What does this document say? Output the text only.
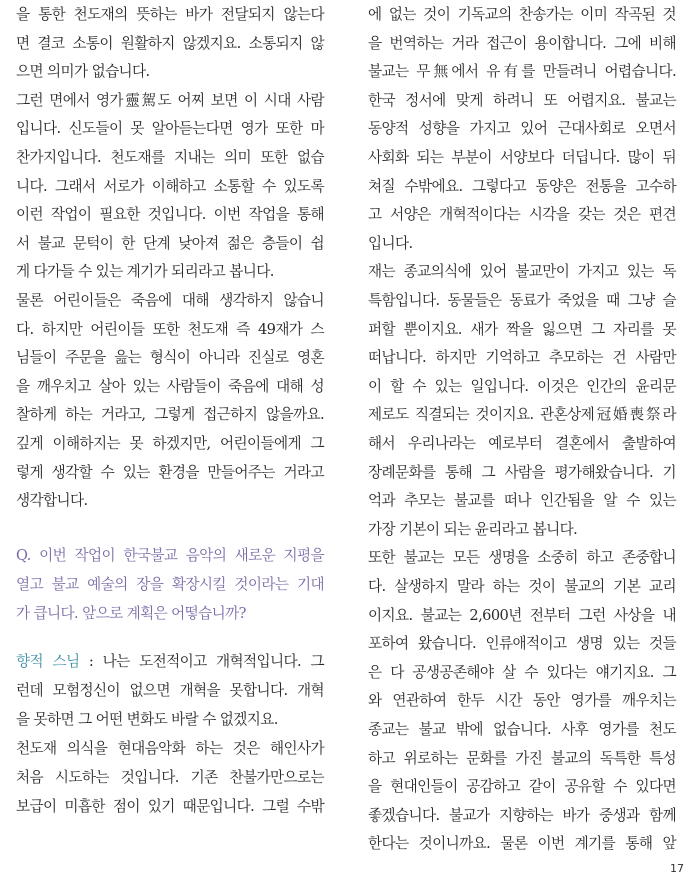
을 통한 천도재의 뜻하는 바가 전달되지 않는다
면 결코 소통이 원활하지 않겠지요. 소통되지 않
으면 의미가 없습니다.
그런 면에서 영가靈駕도 어찌 보면 이 시대 사람
입니다. 신도들이 못 알아듣는다면 영가 또한 마
찬가지입니다. 천도재를 지내는 의미 또한 없습
니다. 그래서 서로가 이해하고 소통할 수 있도록
이런 작업이 필요한 것입니다. 이번 작업을 통해
서 불교 문턱이 한 단계 낮아져 젊은 층들이 쉽
게 다가들 수 있는 계기가 되리라고 봅니다.
물론 어린이들은 죽음에 대해 생각하지 않습니
다. 하지만 어린이들 또한 천도재 즉 49재가 스
님들이 주문을 읊는 형식이 아니라 진실로 영혼
을 깨우치고 살아 있는 사람들이 죽음에 대해 성
찰하게 하는 거라고, 그렇게 접근하지 않을까요.
깊게 이해하지는 못 하겠지만, 어린이들에게 그
렇게 생각할 수 있는 환경을 만들어주는 거라고
생각합니다.
Q. 이번 작업이 한국불교 음악의 새로운 지평을
열고 불교 예술의 장을 확장시킬 것이라는 기대
가 큽니다. 앞으로 계획은 어떻습니까?
향적 스님 : 나는 도전적이고 개혁적입니다. 그
런데 모험정신이 없으면 개혁을 못합니다. 개혁
을 못하면 그 어떤 변화도 바랄 수 없겠지요.
천도재 의식을 현대음악화 하는 것은 해인사가
처음 시도하는 것입니다. 기존 찬불가만으로는
보급이 미흡한 점이 있기 때문입니다. 그럴 수밖
에 없는 것이 기독교의 찬송가는 이미 작곡된 것
을 번역하는 거라 접근이 용이합니다. 그에 비해
불교는 무無에서 유有를 만들려니 어렵습니다.
한국 정서에 맞게 하려니 또 어렵지요. 불교는
동양적 성향을 가지고 있어 근대사회로 오면서
사회화 되는 부분이 서양보다 더딥니다. 많이 뒤
쳐질 수밖에요. 그렇다고 동양은 전통을 고수하
고 서양은 개혁적이다는 시각을 갖는 것은 편견
입니다.
재는 종교의식에 있어 불교만이 가지고 있는 독
특함입니다. 동물들은 동료가 죽었을 때 그냥 슬
퍼할 뿐이지요. 새가 짝을 잃으면 그 자리를 못
떠납니다. 하지만 기억하고 추모하는 건 사람만
이 할 수 있는 일입니다. 이것은 인간의 윤리문
제로도 직결되는 것이지요. 관혼상제冠婚喪祭라
해서 우리나라는 예로부터 결혼에서 출발하여
장례문화를 통해 그 사람을 평가해왔습니다. 기
억과 추모는 불교를 떠나 인간됨을 알 수 있는
가장 기본이 되는 윤리라고 봅니다.
또한 불교는 모든 생명을 소중히 하고 존중합니
다. 살생하지 말라 하는 것이 불교의 기본 교리
이지요. 불교는 2,600년 전부터 그런 사상을 내
포하여 왔습니다. 인류애적이고 생명 있는 것들
은 다 공생공존해야 살 수 있다는 얘기지요. 그
와 연관하여 한두 시간 동안 영가를 깨우치는
종교는 불교 밖에 없습니다. 사후 영가를 천도
하고 위로하는 문화를 가진 불교의 독특한 특성
을 현대인들이 공감하고 같이 공유할 수 있다면
좋겠습니다. 불교가 지향하는 바가 중생과 함께
한다는 것이니까요. 물론 이번 계기를 통해 앞
17
